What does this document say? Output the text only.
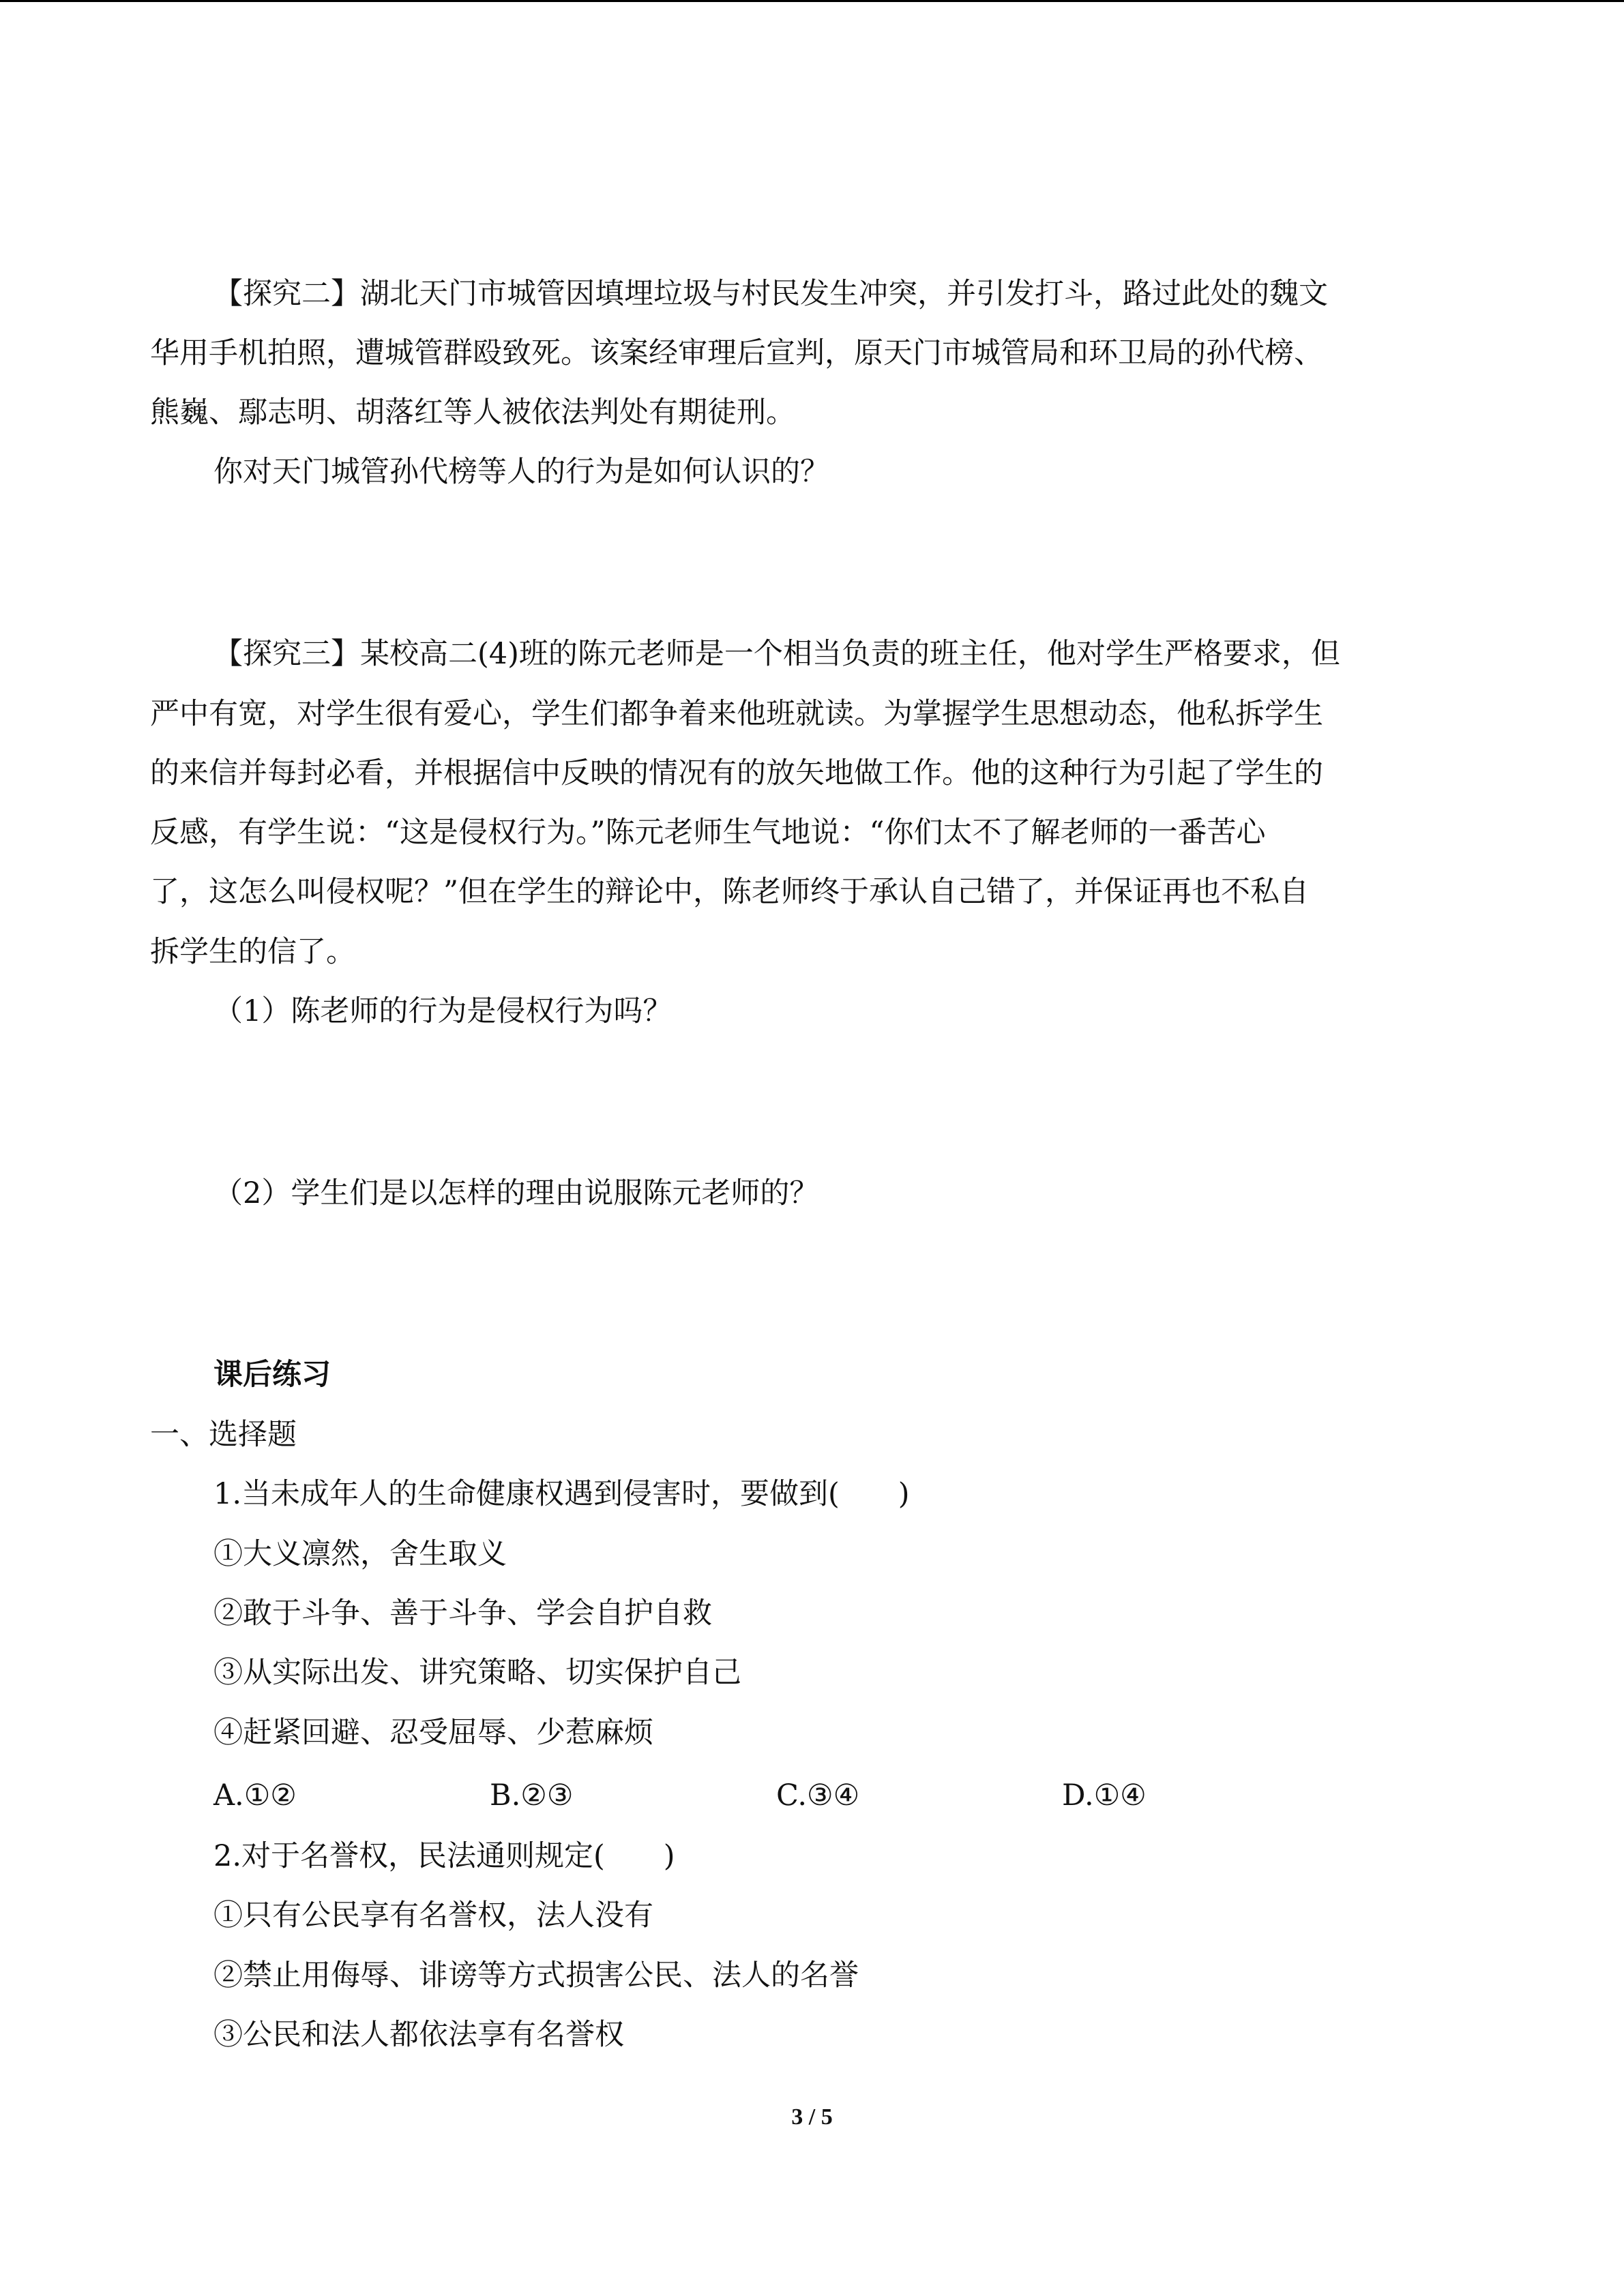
【探究二】湖北天门市城管因填埋垃圾与村民发生冲突，并引发打斗，路过此处的魏文

华用手机拍照，遭城管群殴致死。该案经审理后宣判，原天门市城管局和环卫局的孙代榜、

熊巍、鄢志明、胡落红等人被依法判处有期徒刑。

你对天门城管孙代榜等人的行为是如何认识的？

【探究三】某校高二(4)班的陈元老师是一个相当负责的班主任，他对学生严格要求，但

严中有宽，对学生很有爱心，学生们都争着来他班就读。为掌握学生思想动态，他私拆学生

的来信并每封必看，并根据信中反映的情况有的放矢地做工作。他的这种行为引起了学生的

反感，有学生说：“这是侵权行为。”陈元老师生气地说：“你们太不了解老师的一番苦心

了，这怎么叫侵权呢？”但在学生的辩论中，陈老师终于承认自己错了，并保证再也不私自

拆学生的信了。

（1）陈老师的行为是侵权行为吗？

（2）学生们是以怎样的理由说服陈元老师的？

课后练习

一、选择题

1.当未成年人的生命健康权遇到侵害时，要做到(　　)

①大义凛然，舍生取义

②敢于斗争、善于斗争、学会自护自救

③从实际出发、讲究策略、切实保护自己

④赶紧回避、忍受屈辱、少惹麻烦

A.①②	B.②③	C.③④	D.①④

2.对于名誉权，民法通则规定(　　)

①只有公民享有名誉权，法人没有

②禁止用侮辱、诽谤等方式损害公民、法人的名誉

③公民和法人都依法享有名誉权

3 / 5
